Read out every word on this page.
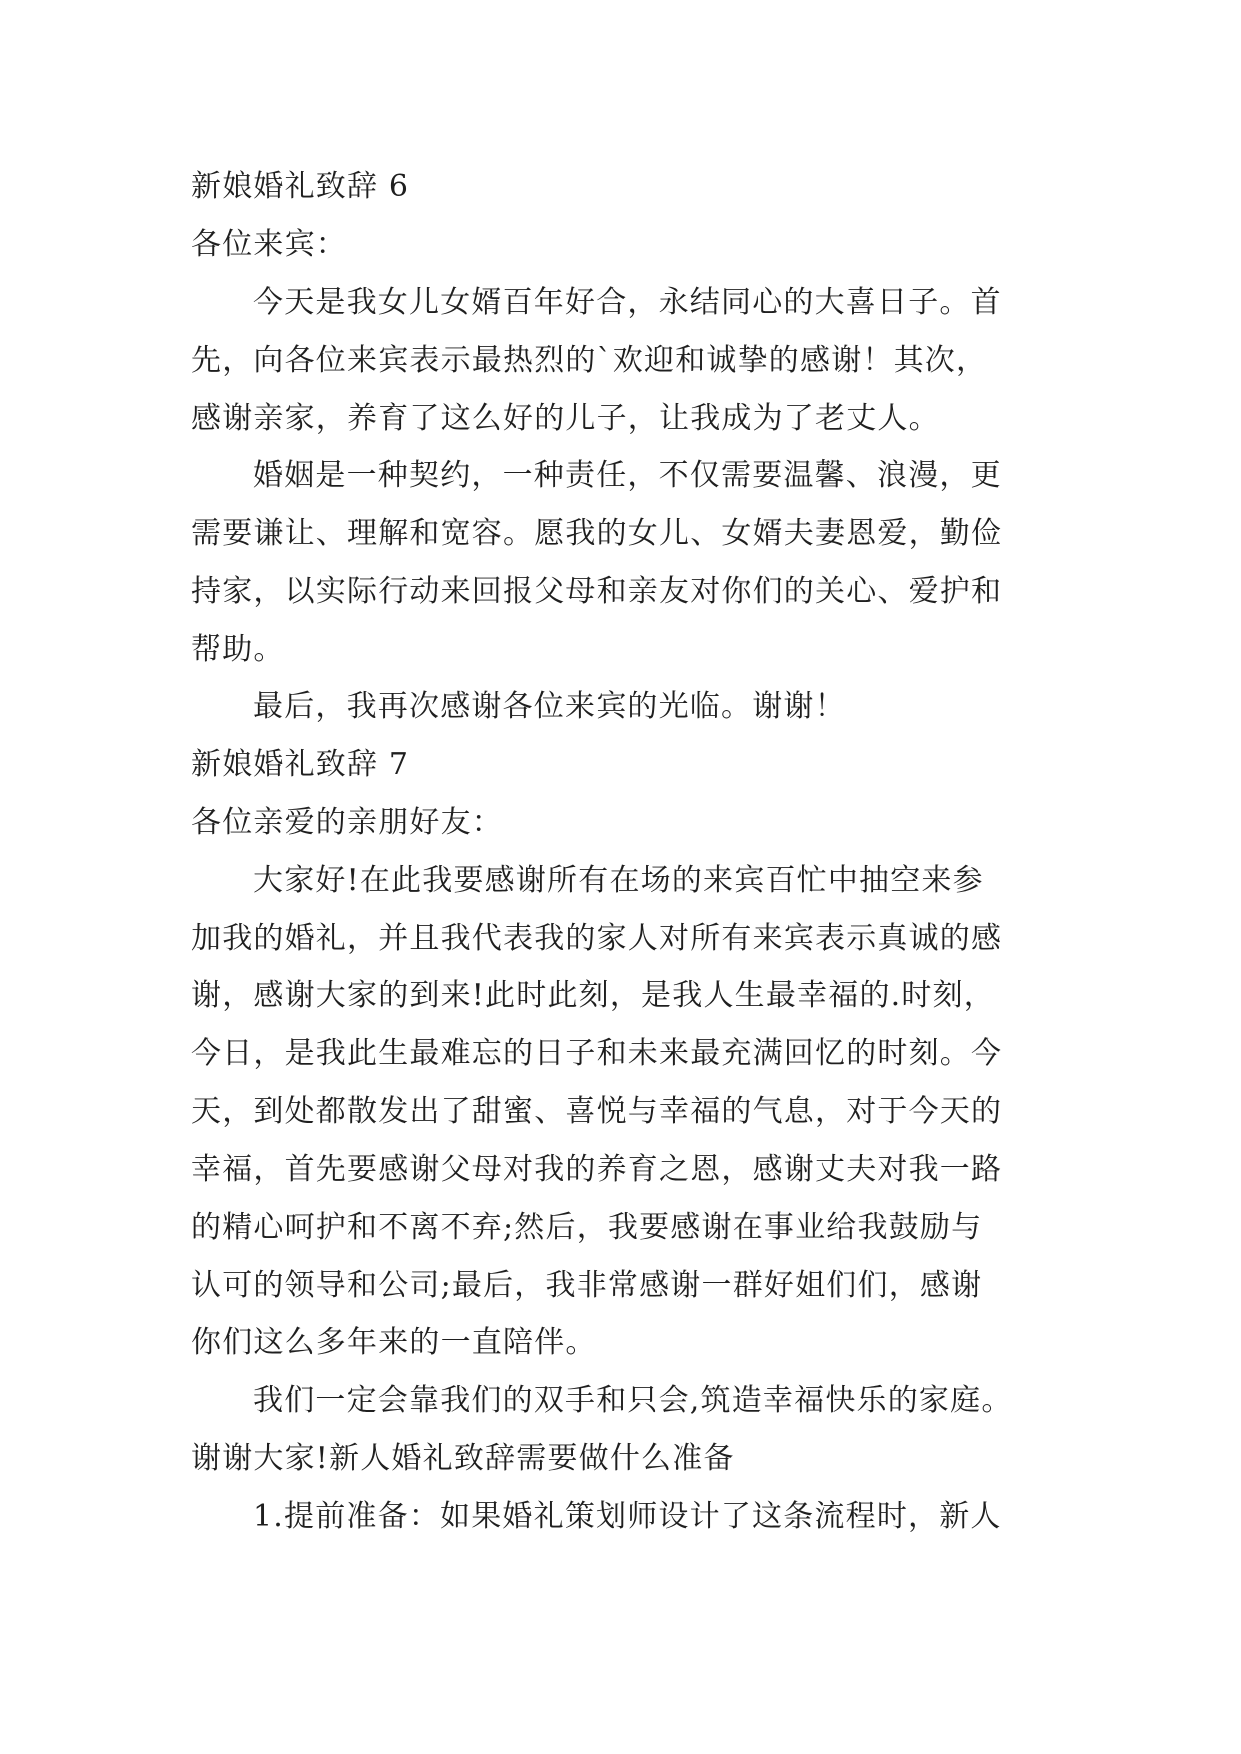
新娘婚礼致辞 6
各位来宾：
今天是我女儿女婿百年好合，永结同心的大喜日子。首
先，向各位来宾表示最热烈的`欢迎和诚挚的感谢！其次，
感谢亲家，养育了这么好的儿子，让我成为了老丈人。
婚姻是一种契约，一种责任，不仅需要温馨、浪漫，更
需要谦让、理解和宽容。愿我的女儿、女婿夫妻恩爱，勤俭
持家，以实际行动来回报父母和亲友对你们的关心、爱护和
帮助。
最后，我再次感谢各位来宾的光临。谢谢！
新娘婚礼致辞 7
各位亲爱的亲朋好友：
大家好!在此我要感谢所有在场的来宾百忙中抽空来参
加我的婚礼，并且我代表我的家人对所有来宾表示真诚的感
谢，感谢大家的到来!此时此刻，是我人生最幸福的.时刻，
今日，是我此生最难忘的日子和未来最充满回忆的时刻。今
天，到处都散发出了甜蜜、喜悦与幸福的气息，对于今天的
幸福，首先要感谢父母对我的养育之恩，感谢丈夫对我一路
的精心呵护和不离不弃;然后，我要感谢在事业给我鼓励与
认可的领导和公司;最后，我非常感谢一群好姐们们，感谢
你们这么多年来的一直陪伴。
我们一定会靠我们的双手和只会,筑造幸福快乐的家庭。
谢谢大家!新人婚礼致辞需要做什么准备
1.提前准备：如果婚礼策划师设计了这条流程时，新人
